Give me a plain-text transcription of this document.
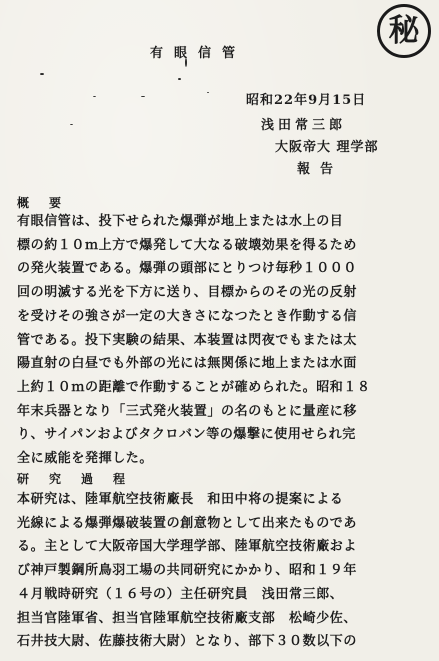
秘
有眼信管
昭和22年9月15日
浅田常三郎
大阪帝大 理学部
報告
概要
有眼信管は、投下せられた爆弾が地上または水上の目
標の約１０ｍ上方で爆発して大なる破壊効果を得るため
の発火装置である。爆弾の頭部にとりつけ毎秒１０００
回の明滅する光を下方に送り、目標からのその光の反射
を受けその強さが一定の大きさになつたとき作動する信
管である。投下実験の結果、本装置は閃夜でもまたは太
陽直射の白昼でも外部の光には無関係に地上または水面
上約１０ｍの距離で作動することが確められた。昭和１８
年末兵器となり「三式発火装置」の名のもとに量産に移
り、サイパンおよびタクロバン等の爆撃に使用せられ完
全に威能を発揮した。
研究過程
本研究は、陸軍航空技術廠長　和田中将の提案による
光線による爆弾爆破装置の創意物として出来たものであ
る。主として大阪帝国大学理学部、陸軍航空技術廠およ
び神戸製鋼所鳥羽工場の共同研究にかかり、昭和１９年
４月戦時研究（１６号の）主任研究員　浅田常三郎、
担当官陸軍省、担当官陸軍航空技術廠支部　松崎少佐、
石井技大尉、佐藤技術大尉）となり、部下３０数以下の
